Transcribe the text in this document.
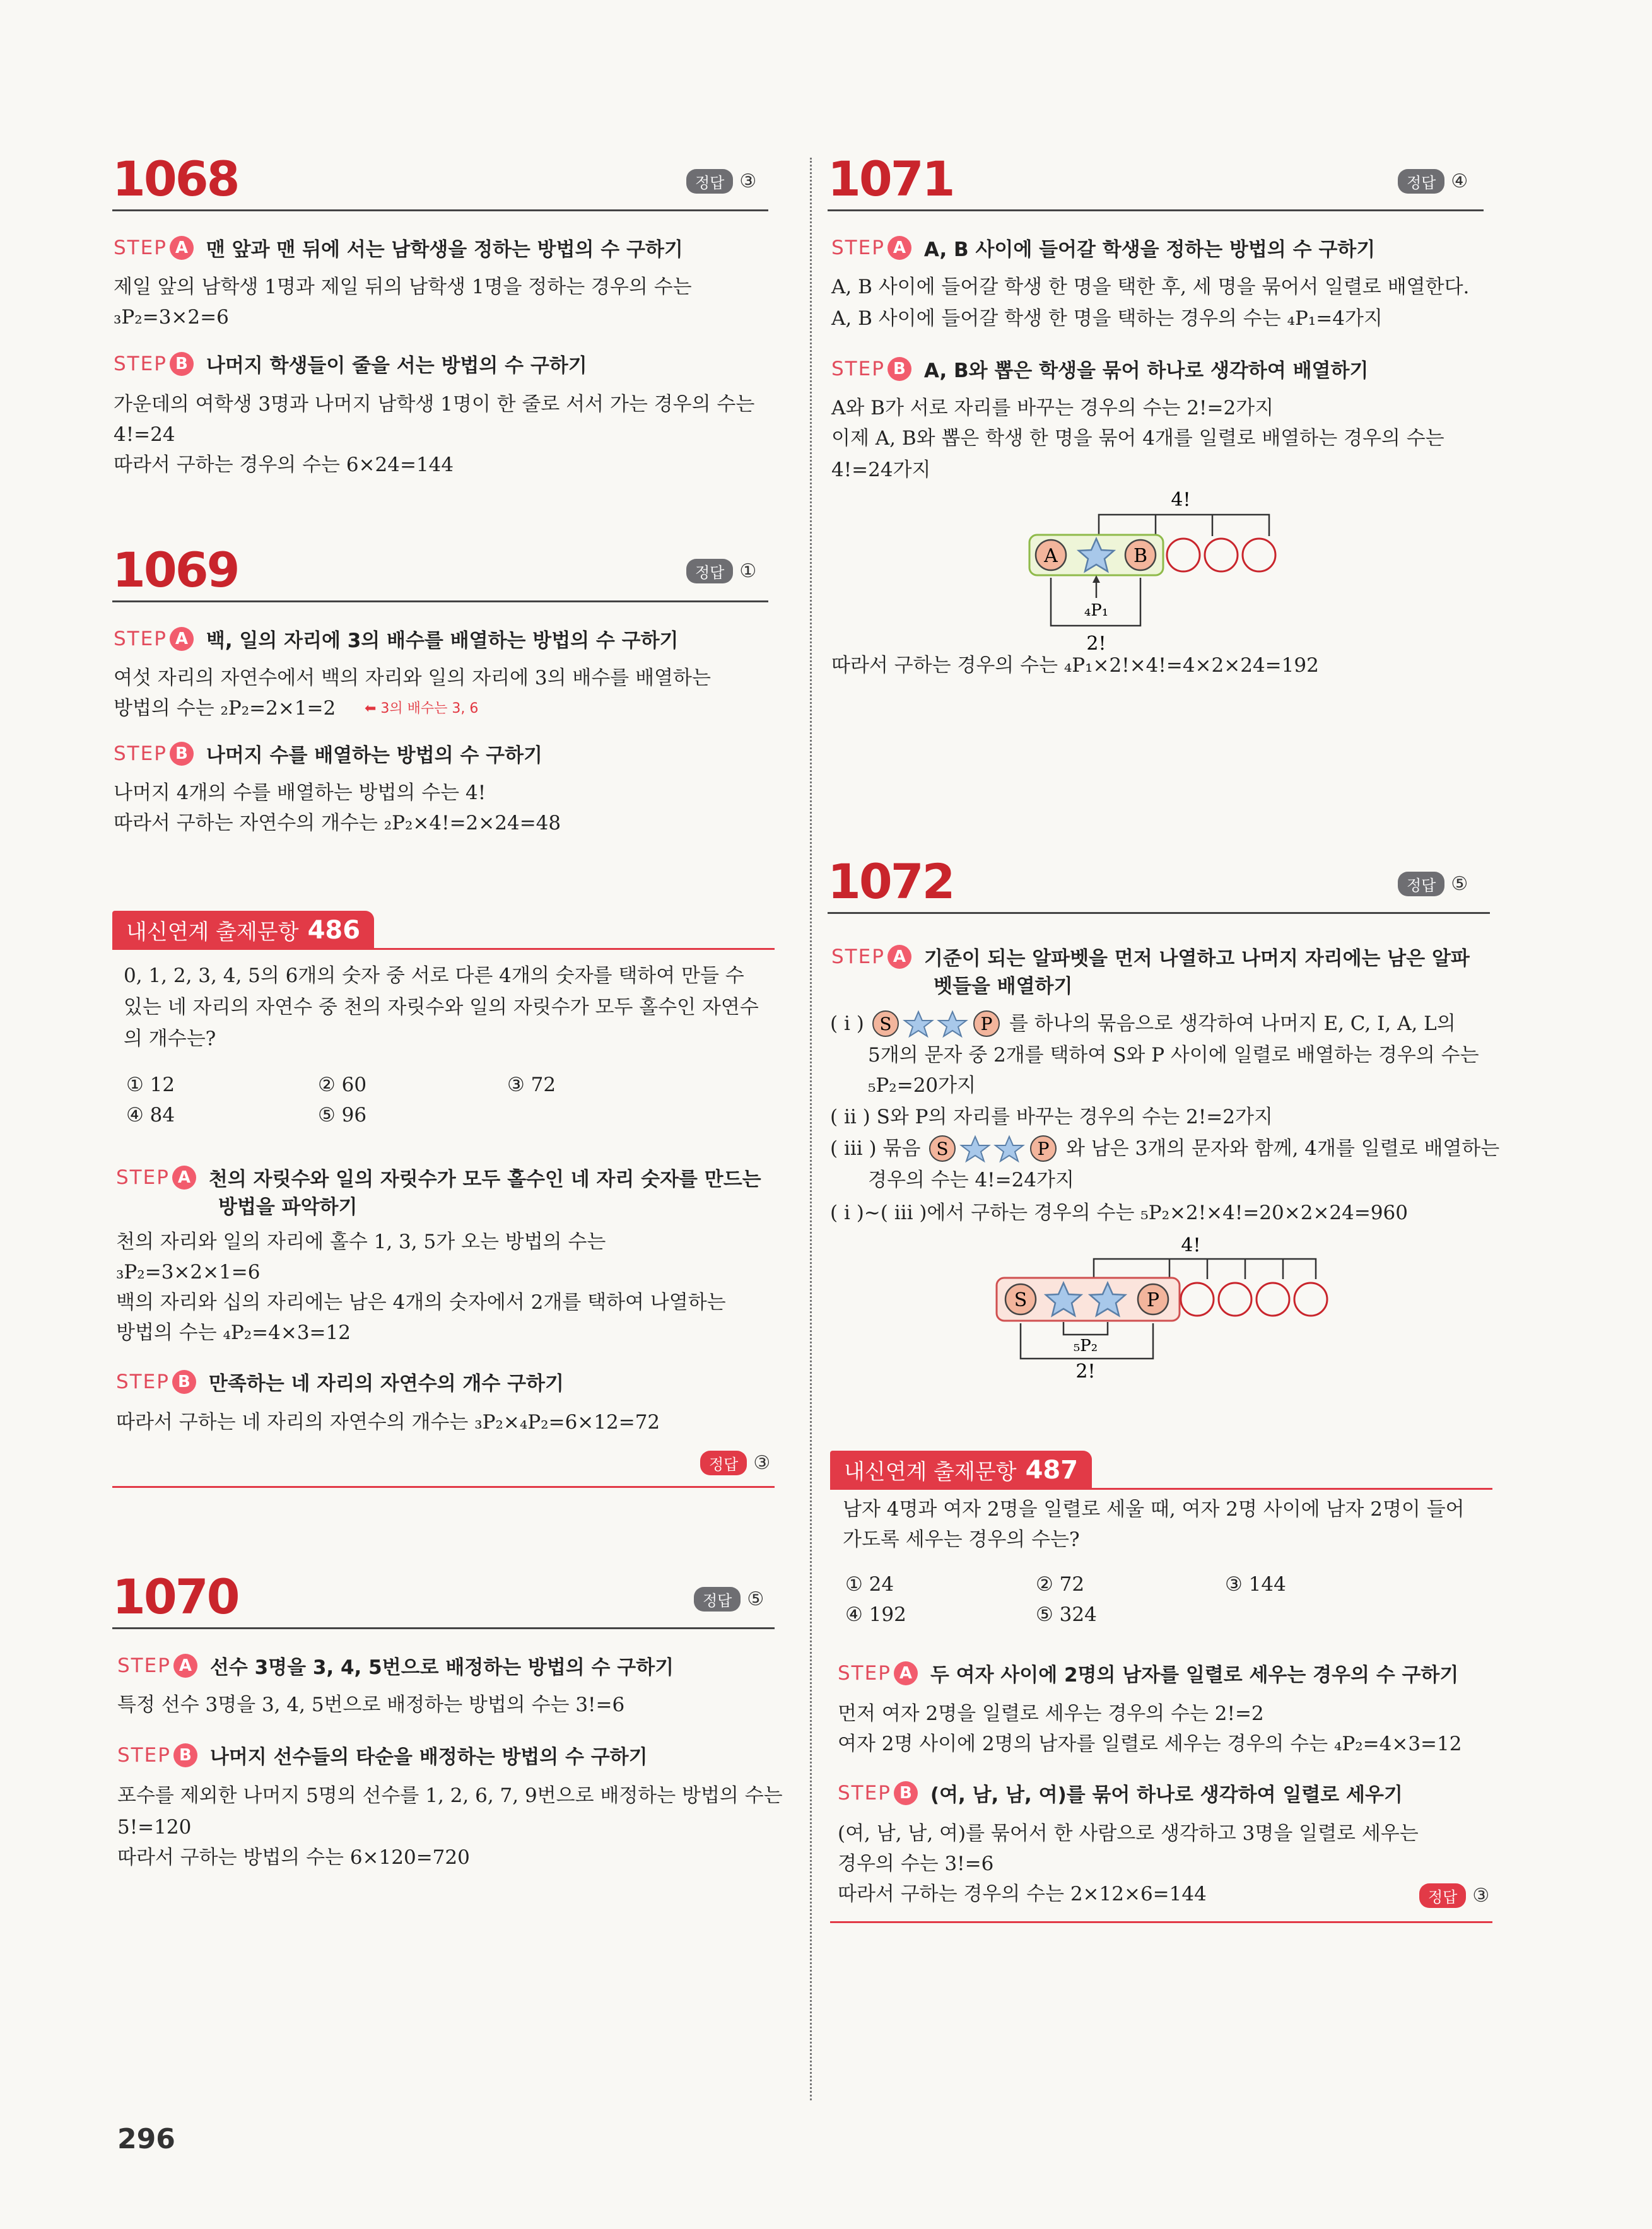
1068	정답 ③
STEP A 맨 앞과 맨 뒤에 서는 남학생을 정하는 방법의 수 구하기
제일 앞의 남학생 1명과 제일 뒤의 남학생 1명을 정하는 경우의 수는
₃P₂=3×2=6
STEP B 나머지 학생들이 줄을 서는 방법의 수 구하기
가운데의 여학생 3명과 나머지 남학생 1명이 한 줄로 서서 가는 경우의 수는
4!=24
따라서 구하는 경우의 수는 6×24=144
1069	정답 ①
STEP A 백, 일의 자리에 3의 배수를 배열하는 방법의 수 구하기
여섯 자리의 자연수에서 백의 자리와 일의 자리에 3의 배수를 배열하는
방법의 수는 ₂P₂=2×1=2 ⬅ 3의 배수는 3, 6
STEP B 나머지 수를 배열하는 방법의 수 구하기
나머지 4개의 수를 배열하는 방법의 수는 4!
따라서 구하는 자연수의 개수는 ₂P₂×4!=2×24=48
내신연계 출제문항 486
0, 1, 2, 3, 4, 5의 6개의 숫자 중 서로 다른 4개의 숫자를 택하여 만들 수
있는 네 자리의 자연수 중 천의 자릿수와 일의 자릿수가 모두 홀수인 자연수
의 개수는?
① 12	② 60	③ 72
④ 84	⑤ 96
STEP A 천의 자릿수와 일의 자릿수가 모두 홀수인 네 자리 숫자를 만드는
방법을 파악하기
천의 자리와 일의 자리에 홀수 1, 3, 5가 오는 방법의 수는
₃P₂=3×2×1=6
백의 자리와 십의 자리에는 남은 4개의 숫자에서 2개를 택하여 나열하는
방법의 수는 ₄P₂=4×3=12
STEP B 만족하는 네 자리의 자연수의 개수 구하기
따라서 구하는 네 자리의 자연수의 개수는 ₃P₂×₄P₂=6×12=72
정답 ③
1070	정답 ⑤
STEP A 선수 3명을 3, 4, 5번으로 배정하는 방법의 수 구하기
특정 선수 3명을 3, 4, 5번으로 배정하는 방법의 수는 3!=6
STEP B 나머지 선수들의 타순을 배정하는 방법의 수 구하기
포수를 제외한 나머지 5명의 선수를 1, 2, 6, 7, 9번으로 배정하는 방법의 수는
5!=120
따라서 구하는 방법의 수는 6×120=720
1071	정답 ④
STEP A A, B 사이에 들어갈 학생을 정하는 방법의 수 구하기
A, B 사이에 들어갈 학생 한 명을 택한 후, 세 명을 묶어서 일렬로 배열한다.
A, B 사이에 들어갈 학생 한 명을 택하는 경우의 수는 ₄P₁=4가지
STEP B A, B와 뽑은 학생을 묶어 하나로 생각하여 배열하기
A와 B가 서로 자리를 바꾸는 경우의 수는 2!=2가지
이제 A, B와 뽑은 학생 한 명을 묶어 4개를 일렬로 배열하는 경우의 수는
4!=24가지
4!
A	B
₄P₁
2!
따라서 구하는 경우의 수는 ₄P₁×2!×4!=4×2×24=192
1072	정답 ⑤
STEP A 기준이 되는 알파벳을 먼저 나열하고 나머지 자리에는 남은 알파
벳들을 배열하기
( i ) S	P 를 하나의 묶음으로 생각하여 나머지 E, C, I, A, L의
5개의 문자 중 2개를 택하여 S와 P 사이에 일렬로 배열하는 경우의 수는
₅P₂=20가지
( ii ) S와 P의 자리를 바꾸는 경우의 수는 2!=2가지
( iii ) 묶음 S	P 와 남은 3개의 문자와 함께, 4개를 일렬로 배열하는
경우의 수는 4!=24가지
( i )~( iii )에서 구하는 경우의 수는 ₅P₂×2!×4!=20×2×24=960
4!
S	P
₅P₂
2!
내신연계 출제문항 487
남자 4명과 여자 2명을 일렬로 세울 때, 여자 2명 사이에 남자 2명이 들어
가도록 세우는 경우의 수는?
① 24	② 72	③ 144
④ 192	⑤ 324
STEP A 두 여자 사이에 2명의 남자를 일렬로 세우는 경우의 수 구하기
먼저 여자 2명을 일렬로 세우는 경우의 수는 2!=2
여자 2명 사이에 2명의 남자를 일렬로 세우는 경우의 수는 ₄P₂=4×3=12
STEP B (여, 남, 남, 여)를 묶어 하나로 생각하여 일렬로 세우기
(여, 남, 남, 여)를 묶어서 한 사람으로 생각하고 3명을 일렬로 세우는
경우의 수는 3!=6
따라서 구하는 경우의 수는 2×12×6=144	정답 ③
296
